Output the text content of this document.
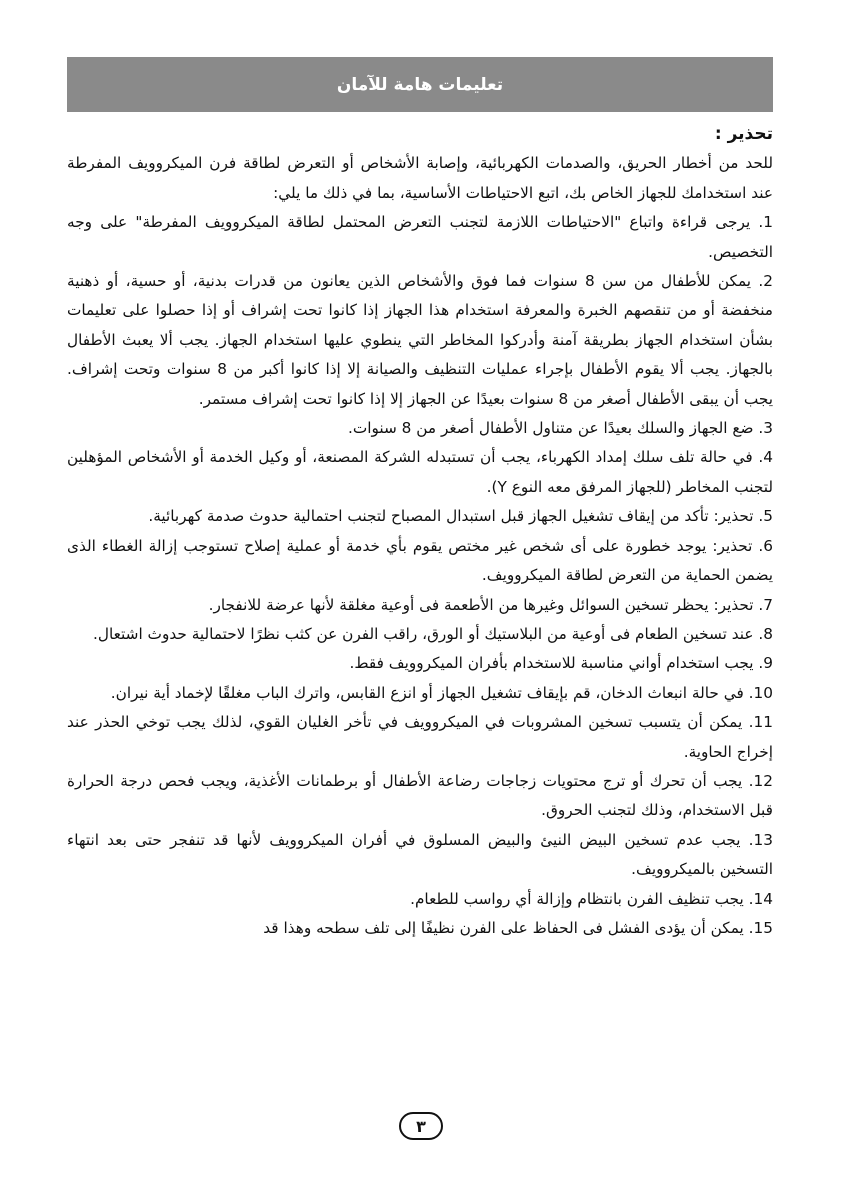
تعليمات هامة للآمان

تحذير :

للحد من أخطار الحريق، والصدمات الكهربائية، وإصابة الأشخاص أو التعرض لطاقة فرن الميكروويف المفرطة عند استخدامك للجهاز الخاص بك، اتبع الاحتياطات الأساسية، بما في ذلك ما يلي:

1. يرجى قراءة واتباع "الاحتياطات اللازمة لتجنب التعرض المحتمل لطاقة الميكروويف المفرطة" على وجه التخصيص.

2. يمكن للأطفال من سن 8 سنوات فما فوق والأشخاص الذين يعانون من قدرات بدنية، أو حسية، أو ذهنية منخفضة أو من تنقصهم الخبرة والمعرفة استخدام هذا الجهاز إذا كانوا تحت إشراف أو إذا حصلوا على تعليمات بشأن استخدام الجهاز بطريقة آمنة وأدركوا المخاطر التي ينطوي عليها استخدام الجهاز. يجب ألا يعبث الأطفال بالجهاز. يجب ألا يقوم الأطفال بإجراء عمليات التنظيف والصيانة إلا إذا كانوا أكبر من 8 سنوات وتحت إشراف. يجب أن يبقى الأطفال أصغر من 8 سنوات بعيدًا عن الجهاز إلا إذا كانوا تحت إشراف مستمر.

3. ضع الجهاز والسلك بعيدًا عن متناول الأطفال أصغر من 8 سنوات.

4. في حالة تلف سلك إمداد الكهرباء، يجب أن تستبدله الشركة المصنعة، أو وكيل الخدمة أو الأشخاص المؤهلين لتجنب المخاطر (للجهاز المرفق معه النوع Y).

5. تحذير: تأكد من إيقاف تشغيل الجهاز قبل استبدال المصباح لتجنب احتمالية حدوث صدمة كهربائية.

6. تحذير: يوجد خطورة على أى شخص غير مختص يقوم بأي خدمة أو عملية إصلاح تستوجب إزالة الغطاء الذى يضمن الحماية من التعرض لطاقة الميكروويف.

7. تحذير: يحظر تسخين السوائل وغيرها من الأطعمة فى أوعية مغلقة لأنها عرضة للانفجار.

8. عند تسخين الطعام فى أوعية من البلاستيك أو الورق، راقب الفرن عن كثب نظرًا لاحتمالية حدوث اشتعال.

9. يجب استخدام أواني مناسبة للاستخدام بأفران الميكروويف فقط.

10. في حالة انبعاث الدخان، قم بإيقاف تشغيل الجهاز أو انزع القابس، واترك الباب مغلقًا لإخماد أية نيران.

11. يمكن أن يتسبب تسخين المشروبات في الميكروويف في تأخر الغليان القوي، لذلك يجب توخي الحذر عند إخراج الحاوية.

12. يجب أن تحرك أو ترج محتويات زجاجات رضاعة الأطفال أو برطمانات الأغذية، ويجب فحص درجة الحرارة قبل الاستخدام، وذلك لتجنب الحروق.

13. يجب عدم تسخين البيض النيئ والبيض المسلوق في أفران الميكروويف لأنها قد تنفجر حتى بعد انتهاء التسخين بالميكروويف.

14. يجب تنظيف الفرن بانتظام وإزالة أي رواسب للطعام.

15. يمكن أن يؤدى الفشل فى الحفاظ على الفرن نظيفًا إلى تلف سطحه وهذا قد

٣
